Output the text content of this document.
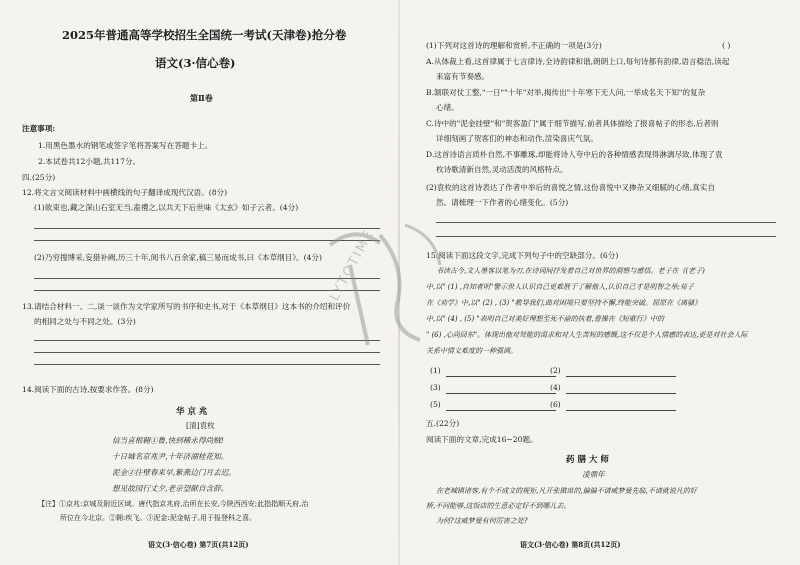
2025年普通高等学校招生全国统一考试(天津卷)抢分卷
语文(3·信心卷)
第Ⅱ卷
注意事项:
1.用黑色墨水的钢笔或签字笔将答案写在答题卡上。
2.本试卷共12小题,共117分。
四.(25分)
12.将文言文阅读材料中画横线的句子翻译成现代汉语。(8分)
(1)欲束也,藏之深山石室无当,盍禮之,以共天下后世味《太玄》如子云者。(4分)
(2)乃穷搜博采,妄猎补阙,历三十年,阅书八百余家,稿三易而成书,曰《本草纲目》。(4分)
13.请结合材料一、二,谈一谈作为文学家所写的书序和史书,对于《本草纲目》这本书的介绍和评价
的相同之处与不同之处。(3分)
14.阅读下面的古诗,按要求作答。(8分)
华 京 兆
[清]袁枚
信当喜根翱①鲁,快到稀永得尚贼!
十日城名京兆尹,十年济湖桂花知。
泥金②往壁春来早,紫燕边门月去迟。
想见故园行丈夕,老亲望献自含辞。
【注】①京兆:京城及附近区域。唐代指京兆府,治所在长安,今陕西西安;此指指顺天府,治
所位在今北京。②翱:疾飞。③泥金:泥金帖子,用于报登科之喜。
语文(3·信心卷) 第7页(共12页)
(1)下列对这首诗的理解和赏析,不正确的一项是(3分)	( )
A.从体裁上看,这首律属于七言律诗,全诗韵律和谐,朗朗上口,每句诗都有韵律,语言稳洁,读起
来富有节奏感。
B.颔联对仗工整,"一日""十年"对举,揭传出"十年寒下无人问,一举成名天下知"的复杂
心绪。
C.诗中的"泥金挂壁"和"贺客盈门"属于细节描写,前者具体描绘了报喜帖子的形态,后者则
详细刻画了贺客们的神态和动作,渲染喜庆气氛。
D.这首诗语言质朴自然,不事雕琢,却能将诗人夸中后的各种情感表现得淋漓尽致,体现了袁
枚诗歌清新自然,灵动活泼的风格特点。
(2)袁枚的这首诗表达了作者中举后的喜悦之情,这份喜悦中又掺杂又细腻的心绪,真实自
然。请梳理一下作者的心绪变化。(5分)
15.阅读下面这段文字,完成下列句子中的空缺部分。(6分)
书读古今,文人墨客以笔为刃,在诗词间抒发着自己对世界的洞察与感悟。老子在《(老子)
中,以" (1) ,自知者明"警示世人认识自己更难胜于了解他人,认识自己才是明智之举;荀子
在《劝学》中,以" (2) , (3) "教导我们,曲对困境只要坚持不懈,终能突破。屈原在《离骚》
中,以" (4) , (5) "表明自己对美好理想至死不渝的执着,曹操在《短歌行》中的
" (6) ,心尚回东"。体现出他对贤能的渴求和对人生苦短的感慨,这不仅是个人情感的表达,更是对社会人际
关系中情义难度的一种强调。
(1)	(2)
(3)	(4)
(5)	(6)
五.(22分)
阅读下面的文章,完成16~20题。
药 膳 大 师
凌鼎年
在老城镇诸客,有个不成文的规矩,凡开张做席的,偏偏不请威梦曼先临,不请就说凡的好
桥,不问能够,这饭店的生意必定好不到哪儿去。
为何?这威梦曼有何厉害之处?
语文(3·信心卷) 第8页(共12页)
LYTOTIME
